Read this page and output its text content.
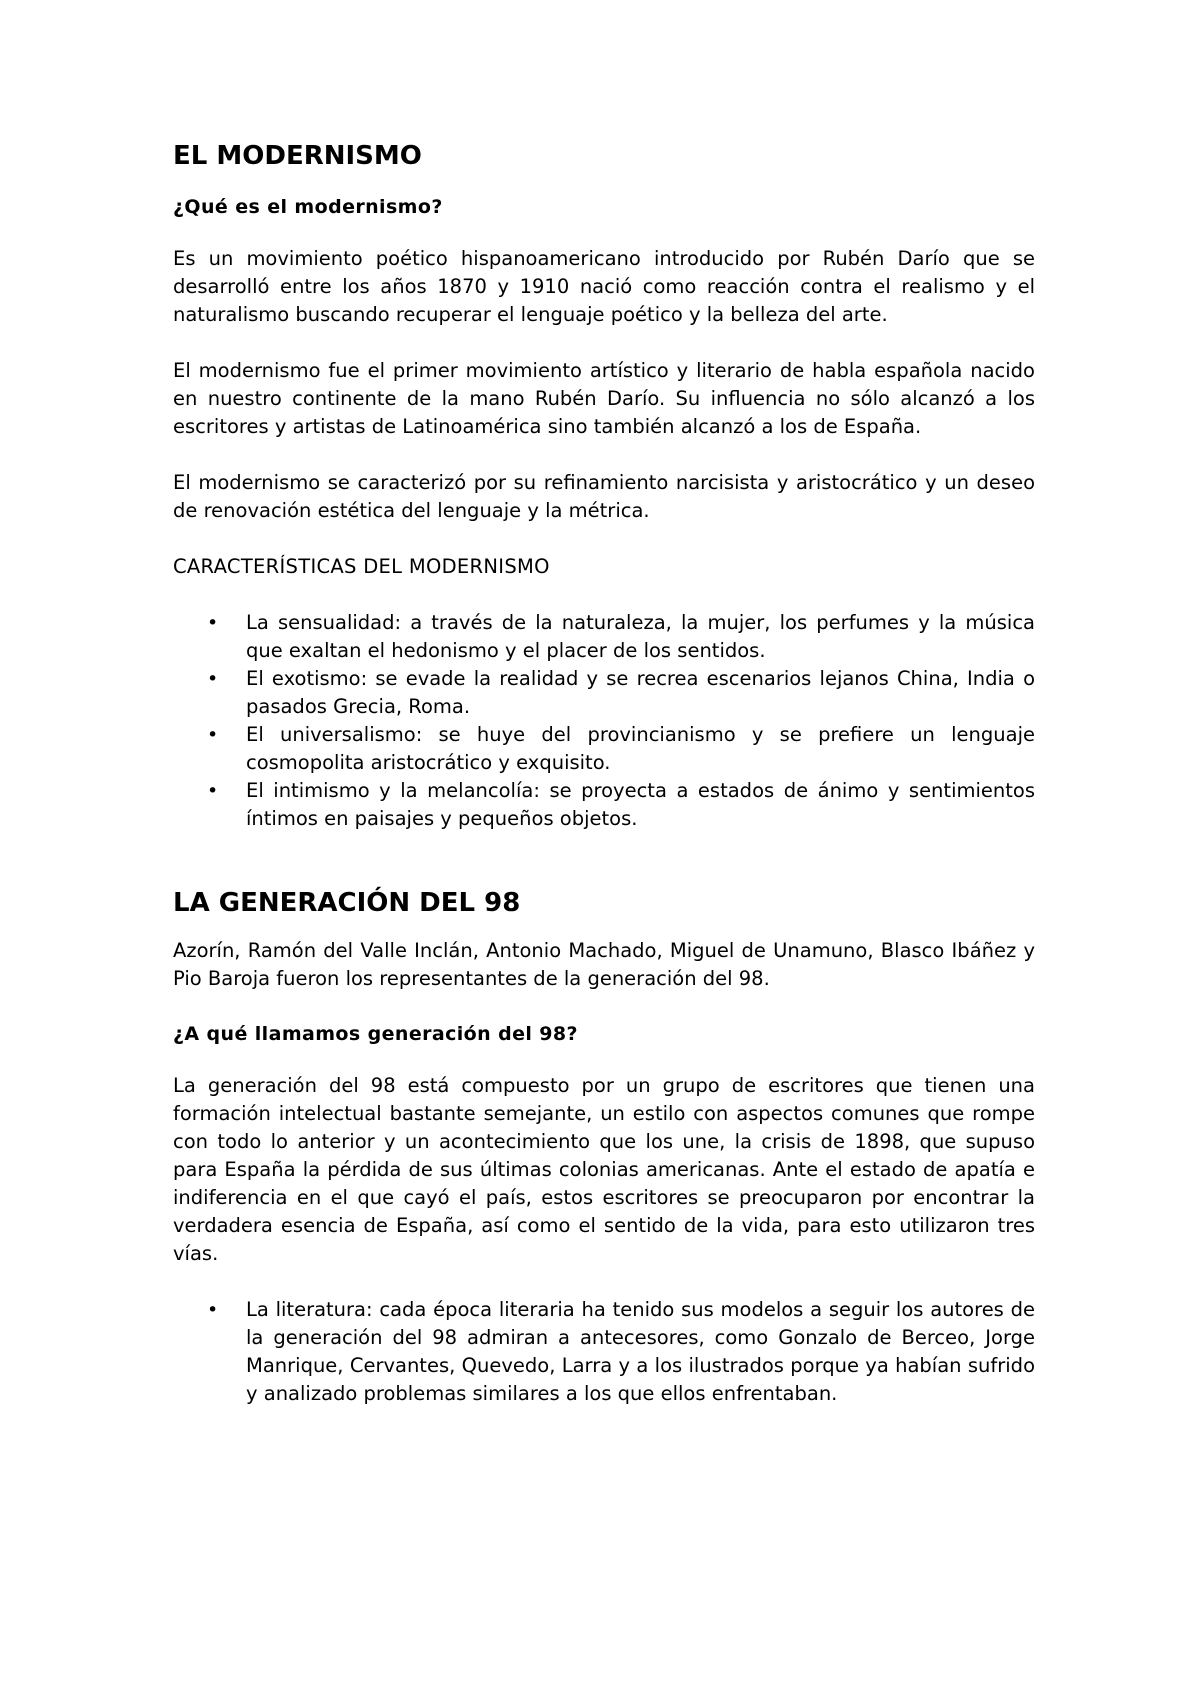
EL MODERNISMO
¿Qué es el modernismo?

Es un movimiento poético hispanoamericano introducido por Rubén Darío que se desarrolló entre los años 1870 y 1910 nació como reacción contra el realismo y el naturalismo buscando recuperar el lenguaje poético y la belleza del arte.

El modernismo fue el primer movimiento artístico y literario de habla española nacido en nuestro continente de la mano Rubén Darío. Su influencia no sólo alcanzó a los escritores y artistas de Latinoamérica sino también alcanzó a los de España.

El modernismo se caracterizó por su refinamiento narcisista y aristocrático y un deseo de renovación estética del lenguaje y la métrica.

CARACTERÍSTICAS DEL MODERNISMO
• La sensualidad: a través de la naturaleza, la mujer, los perfumes y la música que exaltan el hedonismo y el placer de los sentidos.
• El exotismo: se evade la realidad y se recrea escenarios lejanos China, India o pasados Grecia, Roma.
• El universalismo: se huye del provincianismo y se prefiere un lenguaje cosmopolita aristocrático y exquisito.
• El intimismo y la melancolía: se proyecta a estados de ánimo y sentimientos íntimos en paisajes y pequeños objetos.
LA GENERACIÓN DEL 98

Azorín, Ramón del Valle Inclán, Antonio Machado, Miguel de Unamuno, Blasco Ibáñez y Pio Baroja fueron los representantes de la generación del 98.

¿A qué llamamos generación del 98?

La generación del 98 está compuesto por un grupo de escritores que tienen una formación intelectual bastante semejante, un estilo con aspectos comunes que rompe con todo lo anterior y un acontecimiento que los une, la crisis de 1898, que supuso para España la pérdida de sus últimas colonias americanas. Ante el estado de apatía e indiferencia en el que cayó el país, estos escritores se preocuparon por encontrar la verdadera esencia de España, así como el sentido de la vida, para esto utilizaron tres vías.

• La literatura: cada época literaria ha tenido sus modelos a seguir los autores de la generación del 98 admiran a antecesores, como Gonzalo de Berceo, Jorge Manrique, Cervantes, Quevedo, Larra y a los ilustrados porque ya habían sufrido y analizado problemas similares a los que ellos enfrentaban.
